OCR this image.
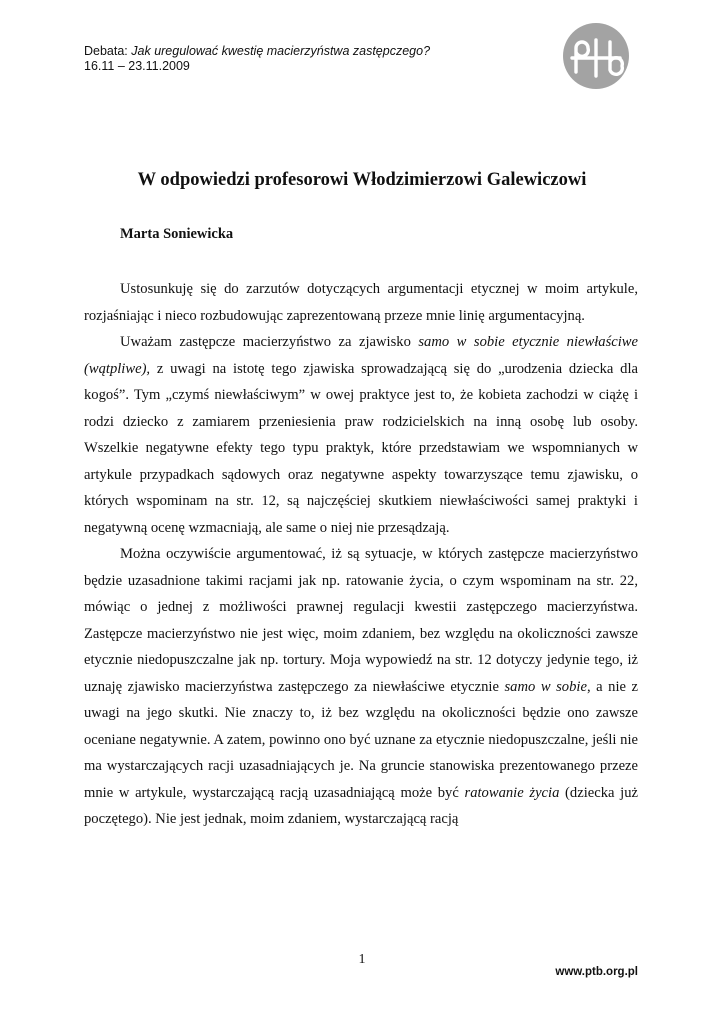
Debata: Jak uregulować kwestię macierzyństwa zastępczego?
16.11 – 23.11.2009
W odpowiedzi profesorowi Włodzimierzowi Galewiczowi
Marta Soniewicka

Ustosunkuję się do zarzutów dotyczących argumentacji etycznej w moim artykule, rozjaśniając i nieco rozbudowując zaprezentowaną przeze mnie linię argumentacyjną.

Uważam zastępcze macierzyństwo za zjawisko samo w sobie etycznie niewłaściwe (wątpliwe), z uwagi na istotę tego zjawiska sprowadzającą się do „urodzenia dziecka dla kogoś”. Tym „czymś niewłaściwym” w owej praktyce jest to, że kobieta zachodzi w ciążę i rodzi dziecko z zamiarem przeniesienia praw rodzicielskich na inną osobę lub osoby. Wszelkie negatywne efekty tego typu praktyk, które przedstawiam we wspomnianych w artykule przypadkach sądowych oraz negatywne aspekty towarzyszące temu zjawisku, o których wspominam na str. 12, są najczęściej skutkiem niewłaściwości samej praktyki i negatywną ocenę wzmacniają, ale same o niej nie przesądzają.

Można oczywiście argumentować, iż są sytuacje, w których zastępcze macierzyństwo będzie uzasadnione takimi racjami jak np. ratowanie życia, o czym wspominam na str. 22, mówiąc o jednej z możliwości prawnej regulacji kwestii zastępczego macierzyństwa. Zastępcze macierzyństwo nie jest więc, moim zdaniem, bez względu na okoliczności zawsze etycznie niedopuszczalne jak np. tortury. Moja wypowiedź na str. 12 dotyczy jedynie tego, iż uznaję zjawisko macierzyństwa zastępczego za niewłaściwe etycznie samo w sobie, a nie z uwagi na jego skutki. Nie znaczy to, iż bez względu na okoliczności będzie ono zawsze oceniane negatywnie. A zatem, powinno ono być uznane za etycznie niedopuszczalne, jeśli nie ma wystarczających racji uzasadniających je. Na gruncie stanowiska prezentowanego przeze mnie w artykule, wystarczającą racją uzasadniającą może być ratowanie życia (dziecka już poczętego). Nie jest jednak, moim zdaniem, wystarczającą racją

1
www.ptb.org.pl
